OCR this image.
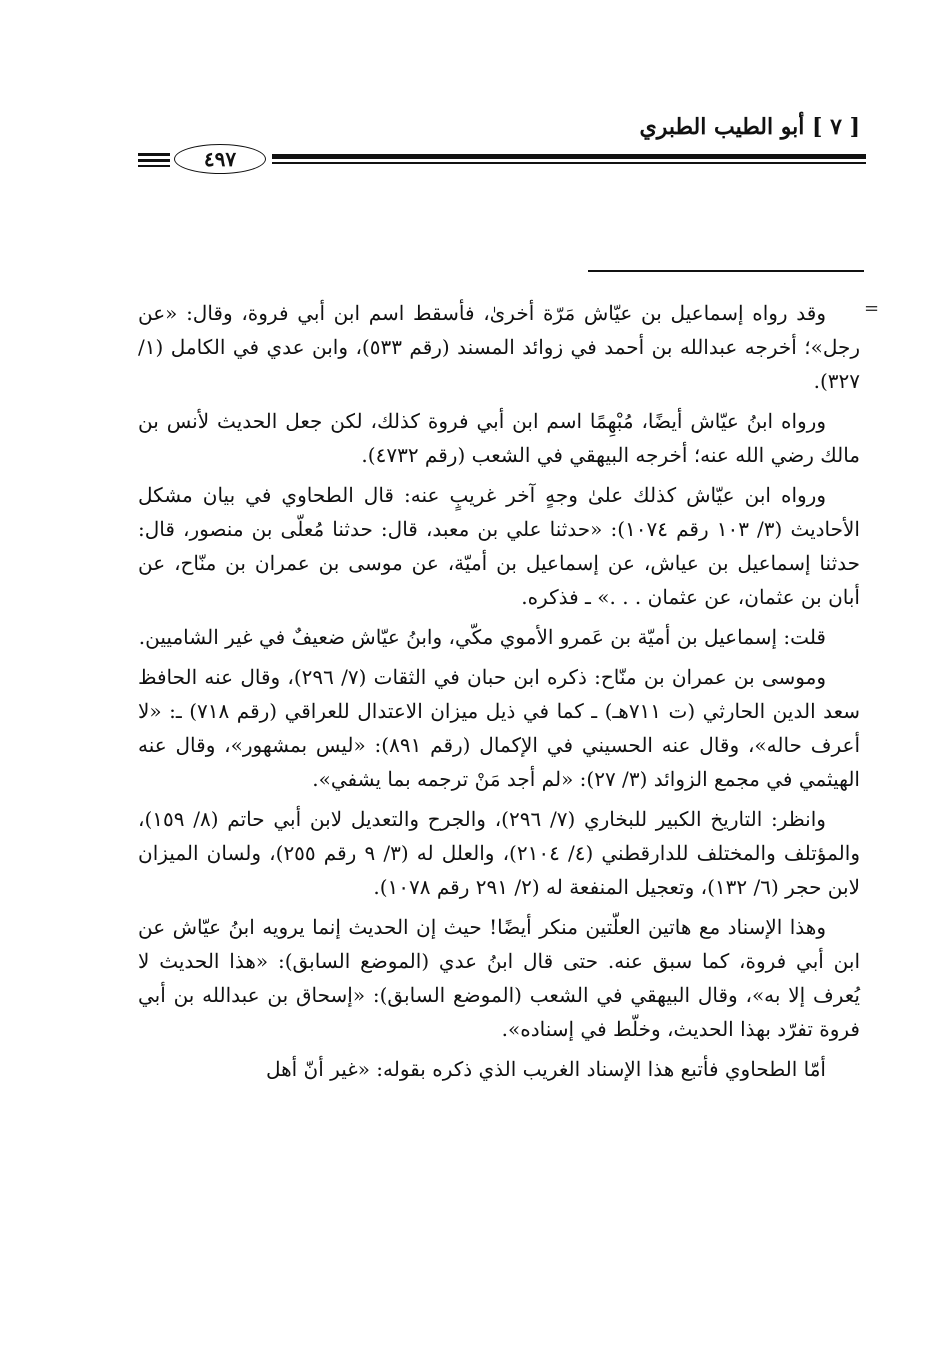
[ ٧ ] أبو الطيب الطبري
٤٩٧
=

وقد رواه إسماعيل بن عيّاش مَرّة أخرىٰ، فأسقط اسم ابن أبي فروة، وقال: «عن رجل»؛ أخرجه عبدالله بن أحمد في زوائد المسند (رقم ٥٣٣)، وابن عدي في الكامل (١/ ٣٢٧).

ورواه ابنُ عيّاش أيضًا، مُبْهِمًا اسم ابن أبي فروة كذلك، لكن جعل الحديث لأنس بن مالك رضي الله عنه؛ أخرجه البيهقي في الشعب (رقم ٤٧٣٢).

ورواه ابن عيّاش كذلك علىٰ وجهٍ آخر غريبٍ عنه: قال الطحاوي في بيان مشكل الأحاديث (٣/ ١٠٣ رقم ١٠٧٤): «حدثنا علي بن معبد، قال: حدثنا مُعلّى بن منصور، قال: حدثنا إسماعيل بن عياش، عن إسماعيل بن أميّة، عن موسى بن عمران بن منّاح، عن أبان بن عثمان، عن عثمان . . .» ـ فذكره.

قلت: إسماعيل بن أميّة بن عَمرو الأموي مكّي، وابنُ عيّاش ضعيفٌ في غير الشاميين.

وموسى بن عمران بن منّاح: ذكره ابن حبان في الثقات (٧/ ٢٩٦)، وقال عنه الحافظ سعد الدين الحارثي (ت ٧١١هـ) ـ كما في ذيل ميزان الاعتدال للعراقي (رقم ٧١٨) ـ: «لا أعرف حاله»، وقال عنه الحسيني في الإكمال (رقم ٨٩١): «ليس بمشهور»، وقال عنه الهيثمي في مجمع الزوائد (٣/ ٢٧): «لم أجد مَنْ ترجمه بما يشفي».

وانظر: التاريخ الكبير للبخاري (٧/ ٢٩٦)، والجرح والتعديل لابن أبي حاتم (٨/ ١٥٩)، والمؤتلف والمختلف للدارقطني (٤/ ٢١٠٤)، والعلل له (٣/ ٩ رقم ٢٥٥)، ولسان الميزان لابن حجر (٦/ ١٣٢)، وتعجيل المنفعة له (٢/ ٢٩١ رقم ١٠٧٨).

وهذا الإسناد مع هاتين العلّتين منكر أيضًا! حيث إن الحديث إنما يرويه ابنُ عيّاش عن ابن أبي فروة، كما سبق عنه. حتى قال ابنُ عدي (الموضع السابق): «هذا الحديث لا يُعرف إلا به»، وقال البيهقي في الشعب (الموضع السابق): «إسحاق بن عبدالله بن أبي فروة تفرّد بهذا الحديث، وخلّط في إسناده».

أمّا الطحاوي فأتبع هذا الإسناد الغريب الذي ذكره بقوله: «غير أنّ أهل
